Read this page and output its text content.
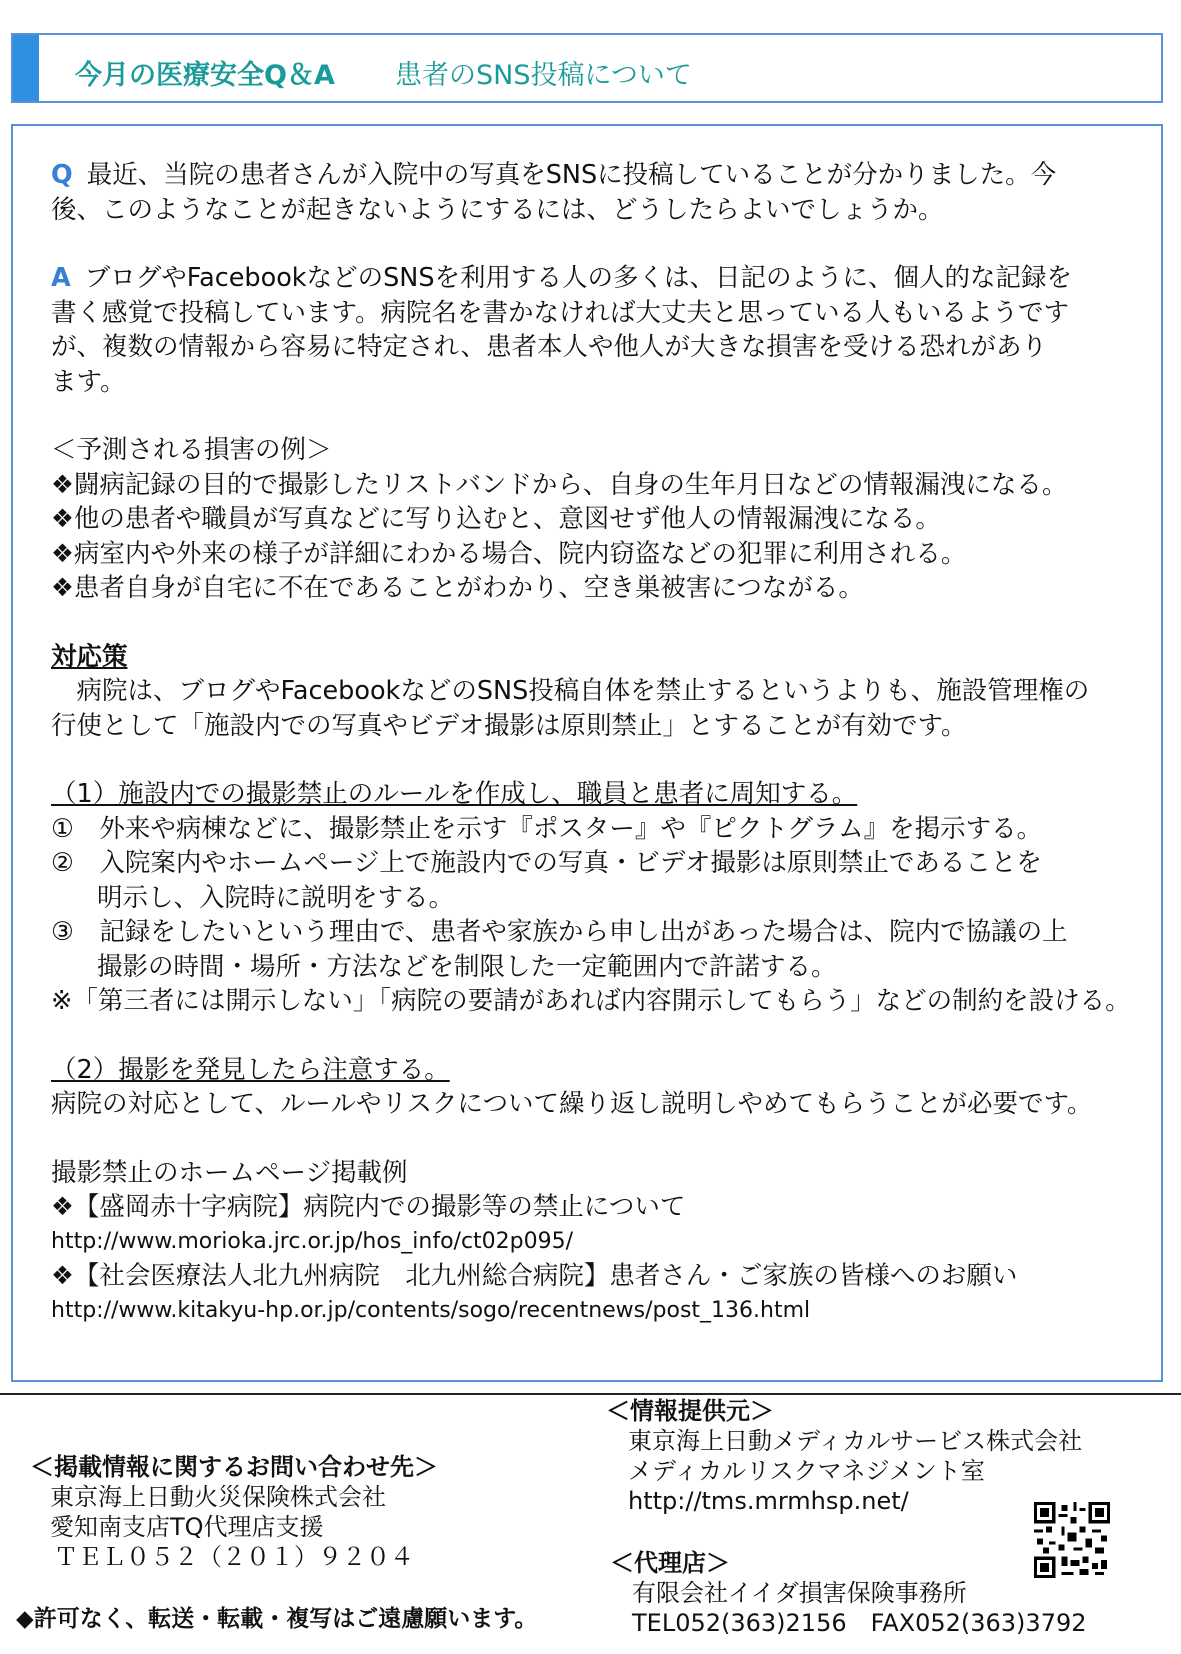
今月の医療安全Q＆A 患者のSNS投稿について

Q 最近、当院の患者さんが入院中の写真をSNSに投稿していることが分かりました。今

後、このようなことが起きないようにするには、どうしたらよいでしょうか。

A ブログやFacebookなどのSNSを利用する人の多くは、日記のように、個人的な記録を

書く感覚で投稿しています。病院名を書かなければ大丈夫と思っている人もいるようです

が、複数の情報から容易に特定され、患者本人や他人が大きな損害を受ける恐れがあり

ます。

＜予測される損害の例＞

❖闘病記録の目的で撮影したリストバンドから、自身の生年月日などの情報漏洩になる。

❖他の患者や職員が写真などに写り込むと、意図せず他人の情報漏洩になる。

❖病室内や外来の様子が詳細にわかる場合、院内窃盗などの犯罪に利用される。

❖患者自身が自宅に不在であることがわかり、空き巣被害につながる。

対応策

　病院は、ブログやFacebookなどのSNS投稿自体を禁止するというよりも、施設管理権の

行使として「施設内での写真やビデオ撮影は原則禁止」とすることが有効です。

（1）施設内での撮影禁止のルールを作成し、職員と患者に周知する。

①　外来や病棟などに、撮影禁止を示す『ポスター』や『ピクトグラム』を掲示する。

②　入院案内やホームページ上で施設内での写真・ビデオ撮影は原則禁止であることを

明示し、入院時に説明をする。

③　記録をしたいという理由で、患者や家族から申し出があった場合は、院内で協議の上

撮影の時間・場所・方法などを制限した一定範囲内で許諾する。

※「第三者には開示しない」「病院の要請があれば内容開示してもらう」などの制約を設ける。

（2）撮影を発見したら注意する。

病院の対応として、ルールやリスクについて繰り返し説明しやめてもらうことが必要です。

撮影禁止のホームページ掲載例

❖【盛岡赤十字病院】病院内での撮影等の禁止について

http://www.morioka.jrc.or.jp/hos_info/ct02p095/

❖【社会医療法人北九州病院　北九州総合病院】患者さん・ご家族の皆様へのお願い

http://www.kitakyu-hp.or.jp/contents/sogo/recentnews/post_136.html

＜掲載情報に関するお問い合わせ先＞
東京海上日動火災保険株式会社
愛知南支店TQ代理店支援
ＴＥＬ０５２（２０１）９２０４
◆許可なく、転送・転載・複写はご遠慮願います。
＜情報提供元＞
東京海上日動メディカルサービス株式会社
メディカルリスクマネジメント室
http://tms.mrmhsp.net/
＜代理店＞
有限会社イイダ損害保険事務所
TEL052(363)2156　FAX052(363)3792
